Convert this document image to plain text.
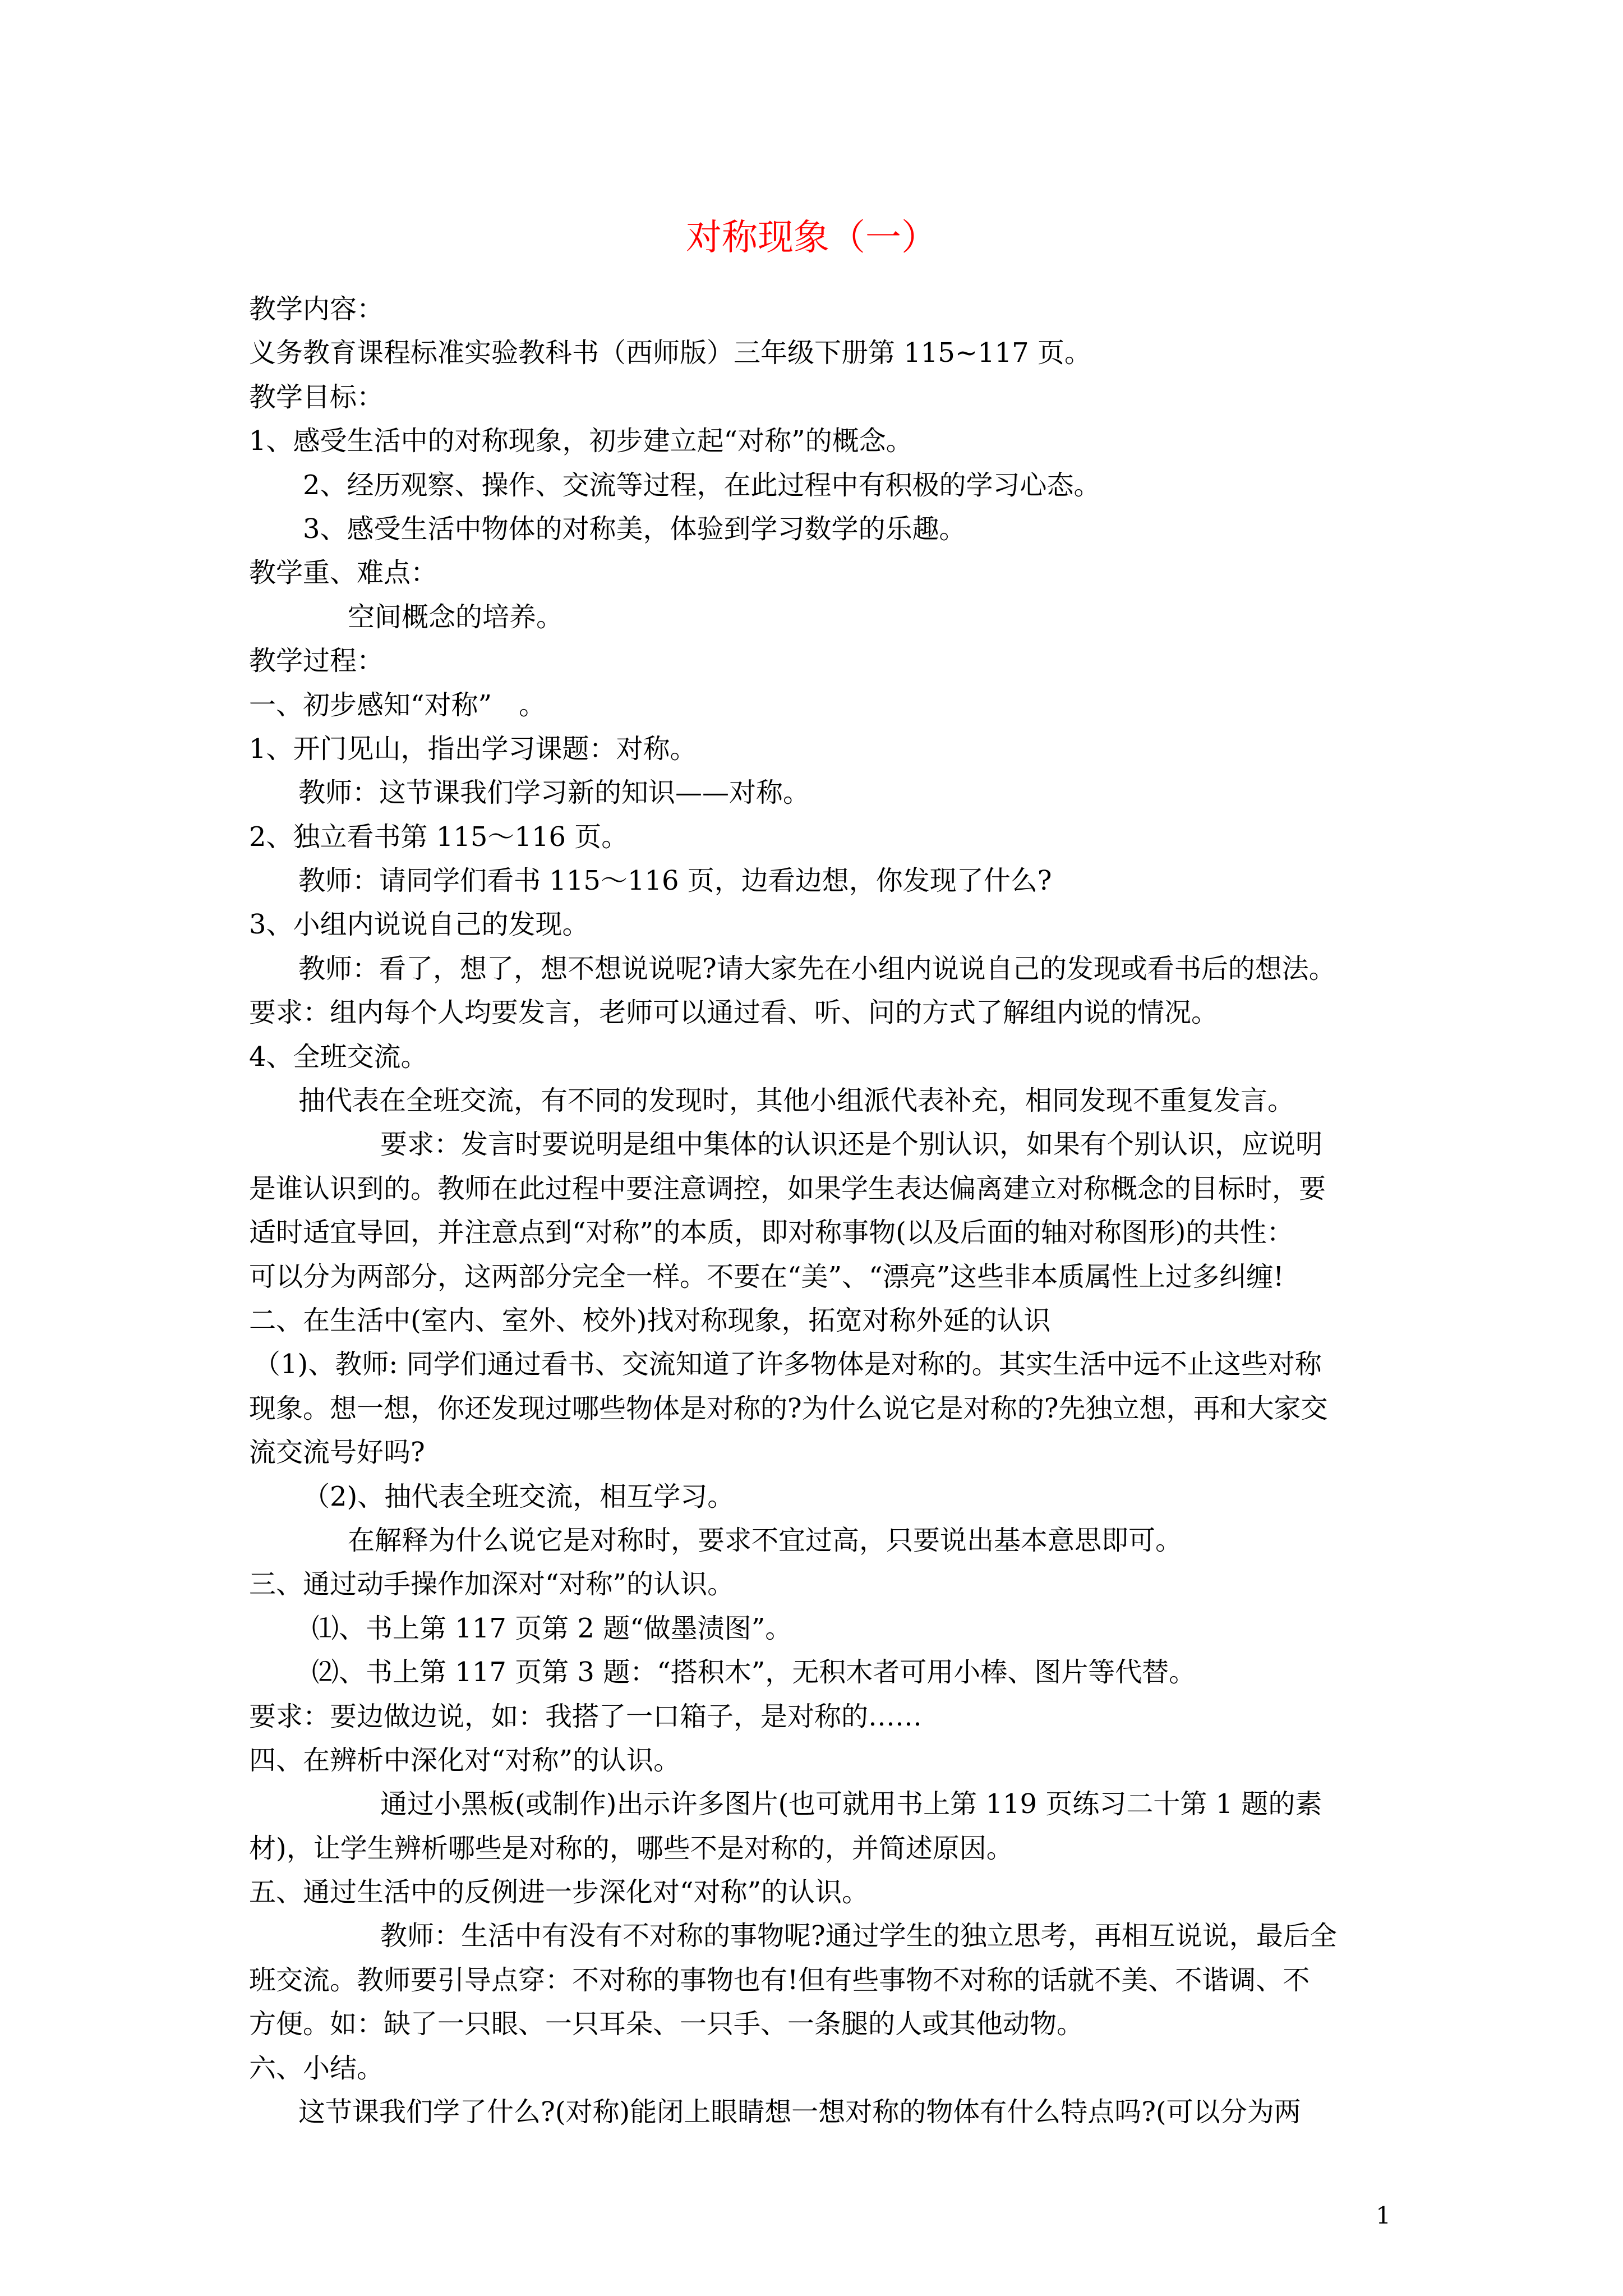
对称现象（一）
教学内容：
义务教育课程标准实验教科书（西师版）三年级下册第 115~117 页。
教学目标：
1、感受生活中的对称现象，初步建立起“对称”的概念。
2、经历观察、操作、交流等过程，在此过程中有积极的学习心态。
3、感受生活中物体的对称美，体验到学习数学的乐趣。
教学重、难点：
空间概念的培养。
教学过程：
一、初步感知“对称”　。
1、开门见山，指出学习课题：对称。
教师：这节课我们学习新的知识——对称。
2、独立看书第 115～116 页。
教师：请同学们看书 115～116 页，边看边想，你发现了什么?
3、小组内说说自己的发现。
教师：看了，想了，想不想说说呢?请大家先在小组内说说自己的发现或看书后的想法。
要求：组内每个人均要发言，老师可以通过看、听、问的方式了解组内说的情况。
4、全班交流。
抽代表在全班交流，有不同的发现时，其他小组派代表补充，相同发现不重复发言。
要求：发言时要说明是组中集体的认识还是个别认识，如果有个别认识，应说明
是谁认识到的。教师在此过程中要注意调控，如果学生表达偏离建立对称概念的目标时，要
适时适宜导回，并注意点到“对称”的本质，即对称事物(以及后面的轴对称图形)的共性：
可以分为两部分，这两部分完全一样。不要在“美”、“漂亮”这些非本质属性上过多纠缠!
二、在生活中(室内、室外、校外)找对称现象，拓宽对称外延的认识
（1)、教师: 同学们通过看书、交流知道了许多物体是对称的。其实生活中远不止这些对称
现象。想一想，你还发现过哪些物体是对称的?为什么说它是对称的?先独立想，再和大家交
流交流号好吗?
（2)、抽代表全班交流，相互学习。
在解释为什么说它是对称时，要求不宜过高，只要说出基本意思即可。
三、通过动手操作加深对“对称”的认识。
⑴、书上第 117 页第 2 题“做墨渍图”。
⑵、书上第 117 页第 3 题：“搭积木”，无积木者可用小棒、图片等代替。
要求：要边做边说，如：我搭了一口箱子，是对称的……
四、在辨析中深化对“对称”的认识。
通过小黑板(或制作)出示许多图片(也可就用书上第 119 页练习二十第 1 题的素
材)，让学生辨析哪些是对称的，哪些不是对称的，并简述原因。
五、通过生活中的反例进一步深化对“对称”的认识。
教师：生活中有没有不对称的事物呢?通过学生的独立思考，再相互说说，最后全
班交流。教师要引导点穿：不对称的事物也有!但有些事物不对称的话就不美、不谐调、不
方便。如：缺了一只眼、一只耳朵、一只手、一条腿的人或其他动物。
六、小结。
这节课我们学了什么?(对称)能闭上眼睛想一想对称的物体有什么特点吗?(可以分为两
1
